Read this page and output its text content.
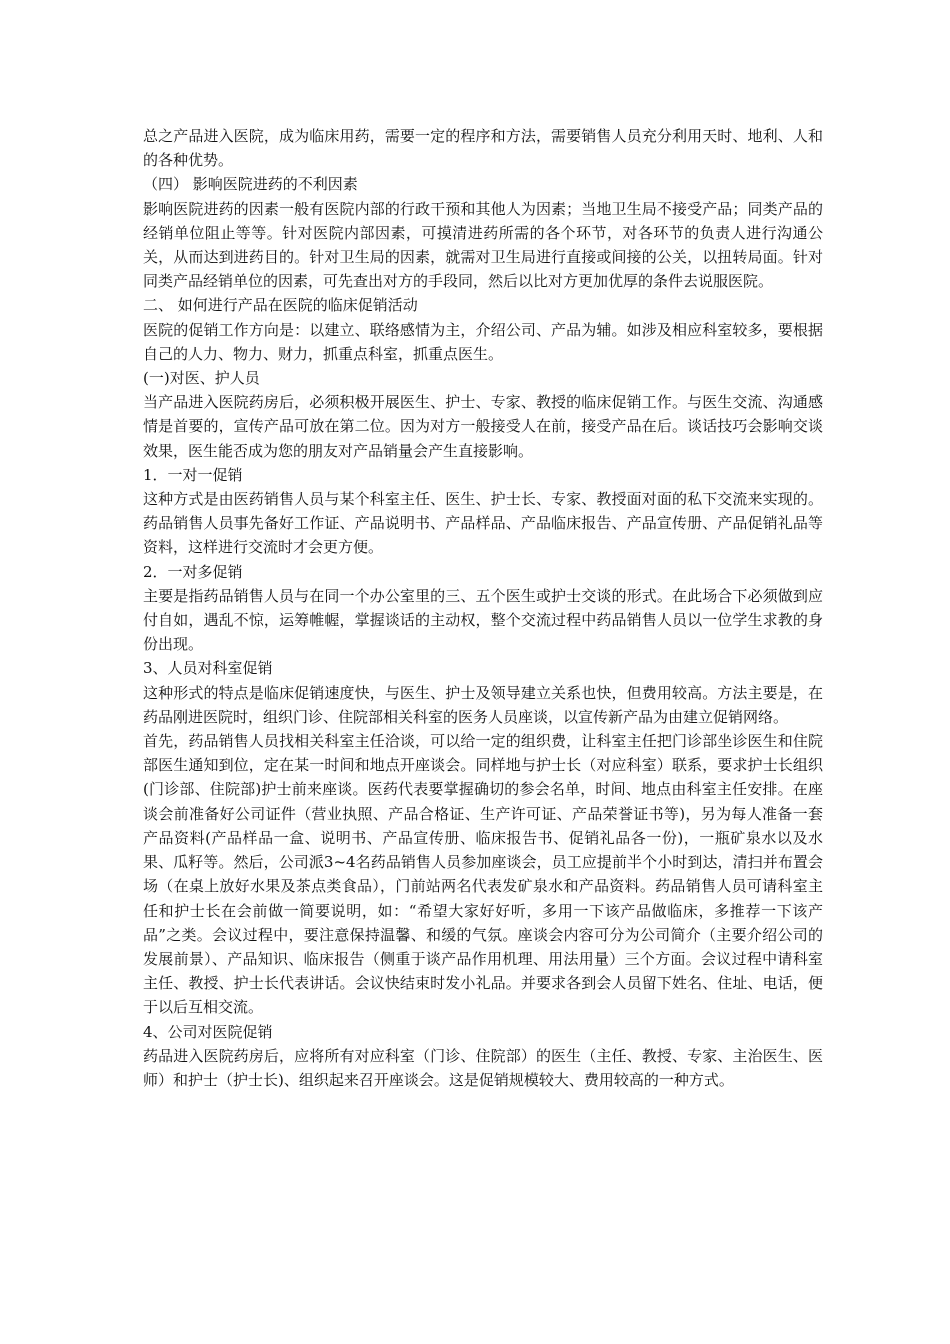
总之产品进入医院，成为临床用药，需要一定的程序和方法，需要销售人员充分利用天时、地利、人和的各种优势。

（四） 影响医院进药的不利因素

影响医院进药的因素一般有医院内部的行政干预和其他人为因素；当地卫生局不接受产品；同类产品的经销单位阻止等等。针对医院内部因素，可摸清进药所需的各个环节，对各环节的负责人进行沟通公关，从而达到进药目的。针对卫生局的因素，就需对卫生局进行直接或间接的公关，以扭转局面。针对同类产品经销单位的因素，可先查出对方的手段同，然后以比对方更加优厚的条件去说服医院。

二、 如何进行产品在医院的临床促销活动

医院的促销工作方向是：以建立、联络感情为主，介绍公司、产品为辅。如涉及相应科室较多，要根据自己的人力、物力、财力，抓重点科室，抓重点医生。

(一)对医、护人员

当产品进入医院药房后，必须积极开展医生、护士、专家、教授的临床促销工作。与医生交流、沟通感情是首要的，宣传产品可放在第二位。因为对方一般接受人在前，接受产品在后。谈话技巧会影响交谈效果，医生能否成为您的朋友对产品销量会产生直接影响。

1．一对一促销

这种方式是由医药销售人员与某个科室主任、医生、护士长、专家、教授面对面的私下交流来实现的。药品销售人员事先备好工作证、产品说明书、产品样品、产品临床报告、产品宣传册、产品促销礼品等资料，这样进行交流时才会更方便。

2．一对多促销

主要是指药品销售人员与在同一个办公室里的三、五个医生或护士交谈的形式。在此场合下必须做到应付自如，遇乱不惊，运筹帷幄，掌握谈话的主动权，整个交流过程中药品销售人员以一位学生求教的身份出现。

3、人员对科室促销

这种形式的特点是临床促销速度快，与医生、护士及领导建立关系也快，但费用较高。方法主要是，在药品刚进医院时，组织门诊、住院部相关科室的医务人员座谈，以宣传新产品为由建立促销网络。

首先，药品销售人员找相关科室主任洽谈，可以给一定的组织费，让科室主任把门诊部坐诊医生和住院部医生通知到位，定在某一时间和地点开座谈会。同样地与护士长（对应科室）联系，要求护士长组织(门诊部、住院部)护士前来座谈。医药代表要掌握确切的参会名单，时间、地点由科室主任安排。在座谈会前准备好公司证件（营业执照、产品合格证、生产许可证、产品荣誉证书等)，另为每人准备一套产品资料(产品样品一盒、说明书、产品宣传册、临床报告书、促销礼品各一份)，一瓶矿泉水以及水果、瓜籽等。然后，公司派3~4名药品销售人员参加座谈会，员工应提前半个小时到达，清扫并布置会场（在桌上放好水果及茶点类食品），门前站两名代表发矿泉水和产品资料。药品销售人员可请科室主任和护士长在会前做一简要说明，如：“希望大家好好听，多用一下该产品做临床，多推荐一下该产品”之类。会议过程中，要注意保持温馨、和缓的气氛。座谈会内容可分为公司简介（主要介绍公司的发展前景）、产品知识、临床报告（侧重于谈产品作用机理、用法用量）三个方面。会议过程中请科室主任、教授、护士长代表讲话。会议快结束时发小礼品。并要求各到会人员留下姓名、住址、电话，便于以后互相交流。

4、公司对医院促销

药品进入医院药房后，应将所有对应科室（门诊、住院部）的医生（主任、教授、专家、主治医生、医师）和护士（护士长)、组织起来召开座谈会。这是促销规模较大、费用较高的一种方式。
